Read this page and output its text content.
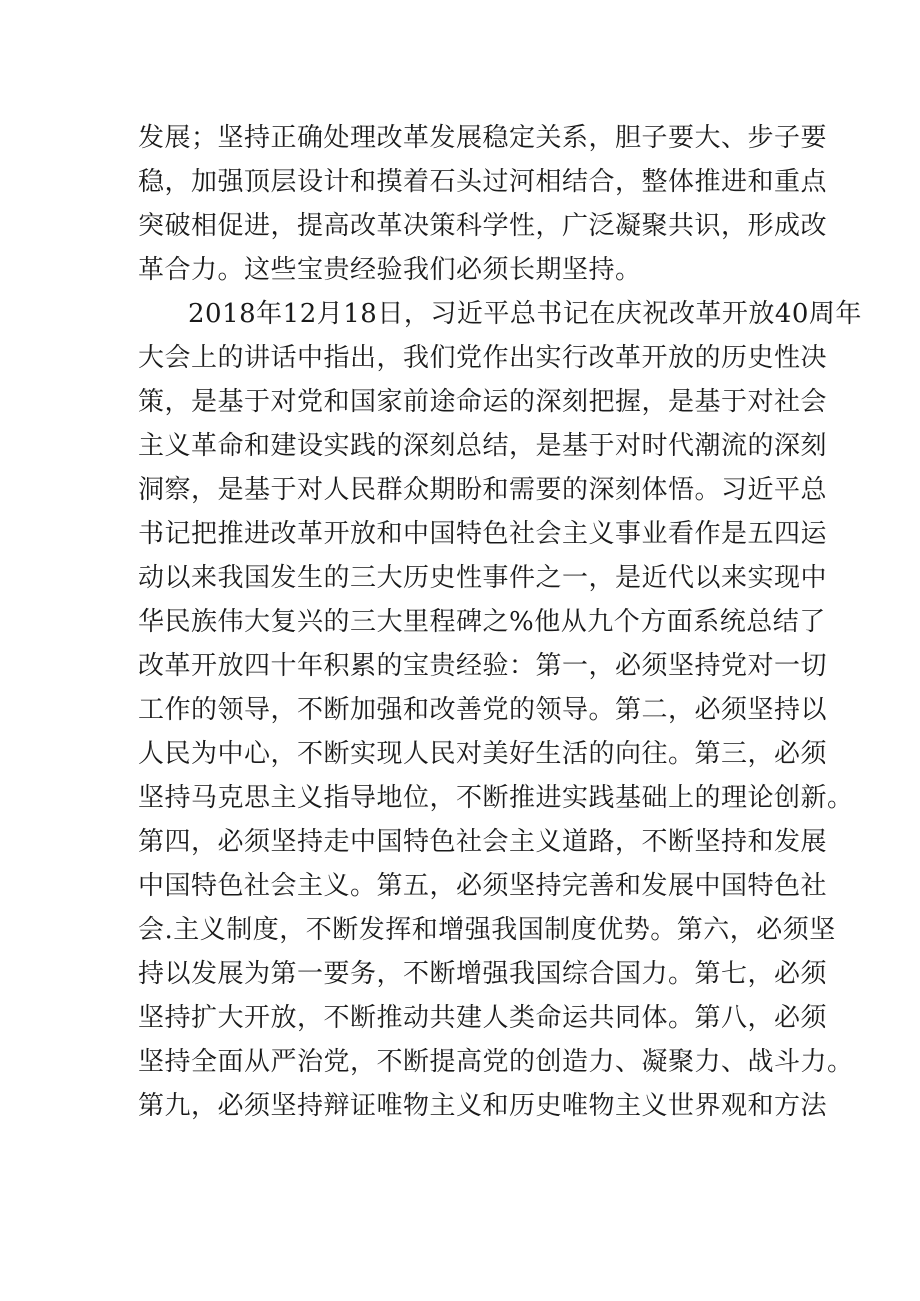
发展；坚持正确处理改革发展稳定关系，胆子要大、步子要
稳，加强顶层设计和摸着石头过河相结合，整体推进和重点
突破相促进，提高改革决策科学性，广泛凝聚共识，形成改
革合力。这些宝贵经验我们必须长期坚持。
2018年12月18日，习近平总书记在庆祝改革开放40周年
大会上的讲话中指出，我们党作出实行改革开放的历史性决
策，是基于对党和国家前途命运的深刻把握，是基于对社会
主义革命和建设实践的深刻总结，是基于对时代潮流的深刻
洞察，是基于对人民群众期盼和需要的深刻体悟。习近平总
书记把推进改革开放和中国特色社会主义事业看作是五四运
动以来我国发生的三大历史性事件之一，是近代以来实现中
华民族伟大复兴的三大里程碑之%他从九个方面系统总结了
改革开放四十年积累的宝贵经验：第一，必须坚持党对一切
工作的领导，不断加强和改善党的领导。第二，必须坚持以
人民为中心，不断实现人民对美好生活的向往。第三，必须
坚持马克思主义指导地位，不断推进实践基础上的理论创新。
第四，必须坚持走中国特色社会主义道路，不断坚持和发展
中国特色社会主义。第五，必须坚持完善和发展中国特色社
会.主义制度，不断发挥和增强我国制度优势。第六，必须坚
持以发展为第一要务，不断增强我国综合国力。第七，必须
坚持扩大开放，不断推动共建人类命运共同体。第八，必须
坚持全面从严治党，不断提高党的创造力、凝聚力、战斗力。
第九，必须坚持辩证唯物主义和历史唯物主义世界观和方法
